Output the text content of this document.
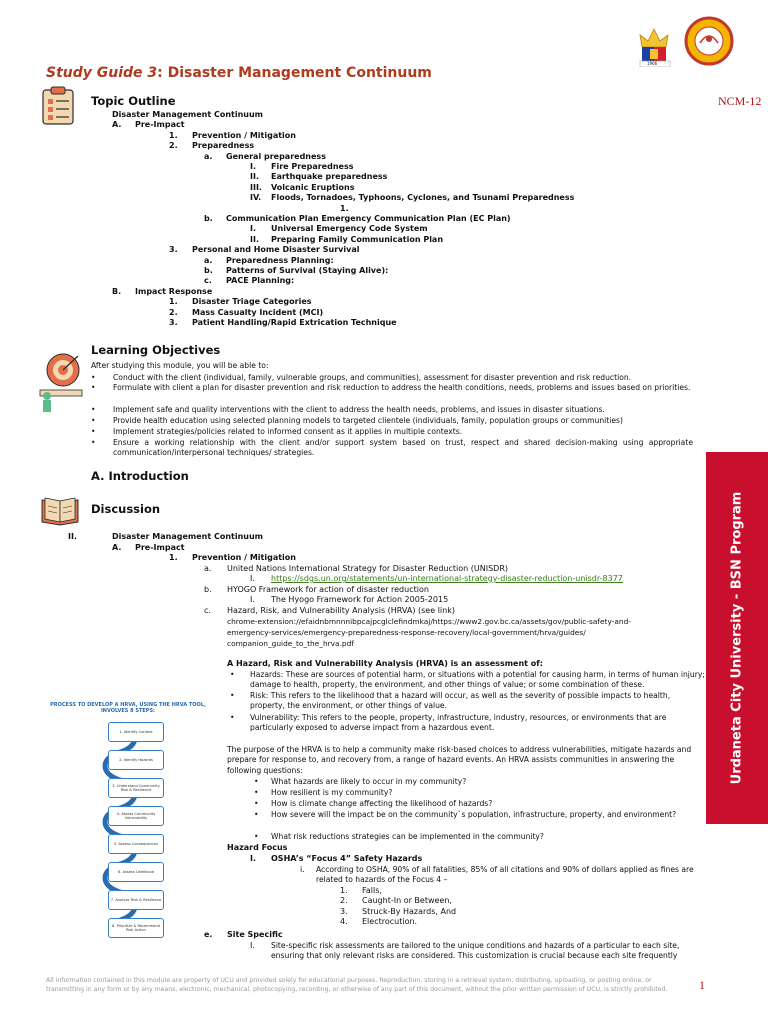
Study Guide 3: Disaster Management Continuum
1966
NCM-12
Topic Outline
Disaster Management Continuum
A. Pre-Impact
1. Prevention / Mitigation
2. Preparedness
a. General preparedness
I. Fire Preparedness
II. Earthquake preparedness
III. Volcanic Eruptions
IV. Floods, Tornadoes, Typhoons, Cyclones, and Tsunami Preparedness
1.
b. Communication Plan Emergency Communication Plan (EC Plan)
I. Universal Emergency Code System
II. Preparing Family Communication Plan
3. Personal and Home Disaster Survival
a. Preparedness Planning:
b. Patterns of Survival (Staying Alive):
c. PACE Planning:
B. Impact Response
1. Disaster Triage Categories
2. Mass Casualty Incident (MCI)
3. Patient Handling/Rapid Extrication Technique
Learning Objectives
After studying this module, you will be able to:
• Conduct with the client (individual, family, vulnerable groups, and communities), assessment for disaster prevention and risk reduction.
• Formulate with client a plan for disaster prevention and risk reduction to address the health conditions, needs, problems and issues based on priorities.
• Implement safe and quality interventions with the client to address the health needs, problems, and issues in disaster situations.
• Provide health education using selected planning models to targeted clientele (individuals, family, population groups or communities)
• Implement strategies/policies related to informed consent as it applies in multiple contexts.
• Ensure a working relationship with the client and/or support system based on trust, respect and shared decision-making using appropriate communication/interpersonal techniques/ strategies.
A. Introduction
Discussion
II.	Disaster Management Continuum
A. Pre-Impact
1. Prevention / Mitigation
a. United Nations International Strategy for Disaster Reduction (UNISDR)
I. https://sdgs.un.org/statements/un-international-strategy-disaster-reduction-unisdr-8377
b. HYOGO Framework for action of disaster reduction
I. The Hyogo Framework for Action 2005-2015
c. Hazard, Risk, and Vulnerability Analysis (HRVA) (see link)
chrome-extension://efaidnbmnnnibpcajpcglclefindmkaj/https://www2.gov.bc.ca/assets/gov/public-safety-and-
emergency-services/emergency-preparedness-response-recovery/local-government/hrva/guides/
companion_guide_to_the_hrva.pdf
A Hazard, Risk and Vulnerability Analysis (HRVA) is an assessment of:
• Hazards: These are sources of potential harm, or situations with a potential for causing harm, in terms of human injury; damage to health, property, the environment, and other things of value; or some combination of these.
• Risk: This refers to the likelihood that a hazard will occur, as well as the severity of possible impacts to health, property, the environment, or other things of value.
• Vulnerability: This refers to the people, property, infrastructure, industry, resources, or environments that are particularly exposed to adverse impact from a hazardous event.
The purpose of the HRVA is to help a community make risk-based choices to address vulnerabilities, mitigate hazards and prepare for response to, and recovery from, a range of hazard events. An HRVA assists communities in answering the following questions:
• What hazards are likely to occur in my community?
• How resilient is my community?
• How is climate change affecting the likelihood of hazards?
• How severe will the impact be on the community`s population, infrastructure, property, and environment?
• What risk reductions strategies can be implemented in the community?
Hazard Focus
I. OSHA’s “Focus 4” Safety Hazards
i. According to OSHA, 90% of all fatalities, 85% of all citations and 90% of dollars applied as fines are related to hazards of the Focus 4 –
1. Falls,
2. Caught-In or Between,
3. Struck-By Hazards, And
4. Electrocution.
e. Site Specific
I. Site-specific risk assessments are tailored to the unique conditions and hazards of a particular to each site, ensuring that only relevant risks are considered. This customization is crucial because each site frequently
PROCESS TO DEVELOP A HRVA, USING THE HRVA TOOL, INVOLVES 8 STEPS:
1. Identify Context
2. Identify Hazards
3. Understand Community Risk & Resilience
4. Assess Community Vulnerability
5. Assess Consequences
6. Assess Likelihood
7. Analyze Risk & Resilience
8. Prioritize & Recommend Risk Action
Urdaneta City University - BSN Program
All information contained in this module are property of UCU and provided solely for educational purposes. Reproduction, storing in a retrieval system, distributing, uploading, or posting online, or transmitting in any form or by any means, electronic, mechanical, photocopying, recording, or otherwise of any part of this document, without the prior written permission of UCU, is strictly prohibited.	1
